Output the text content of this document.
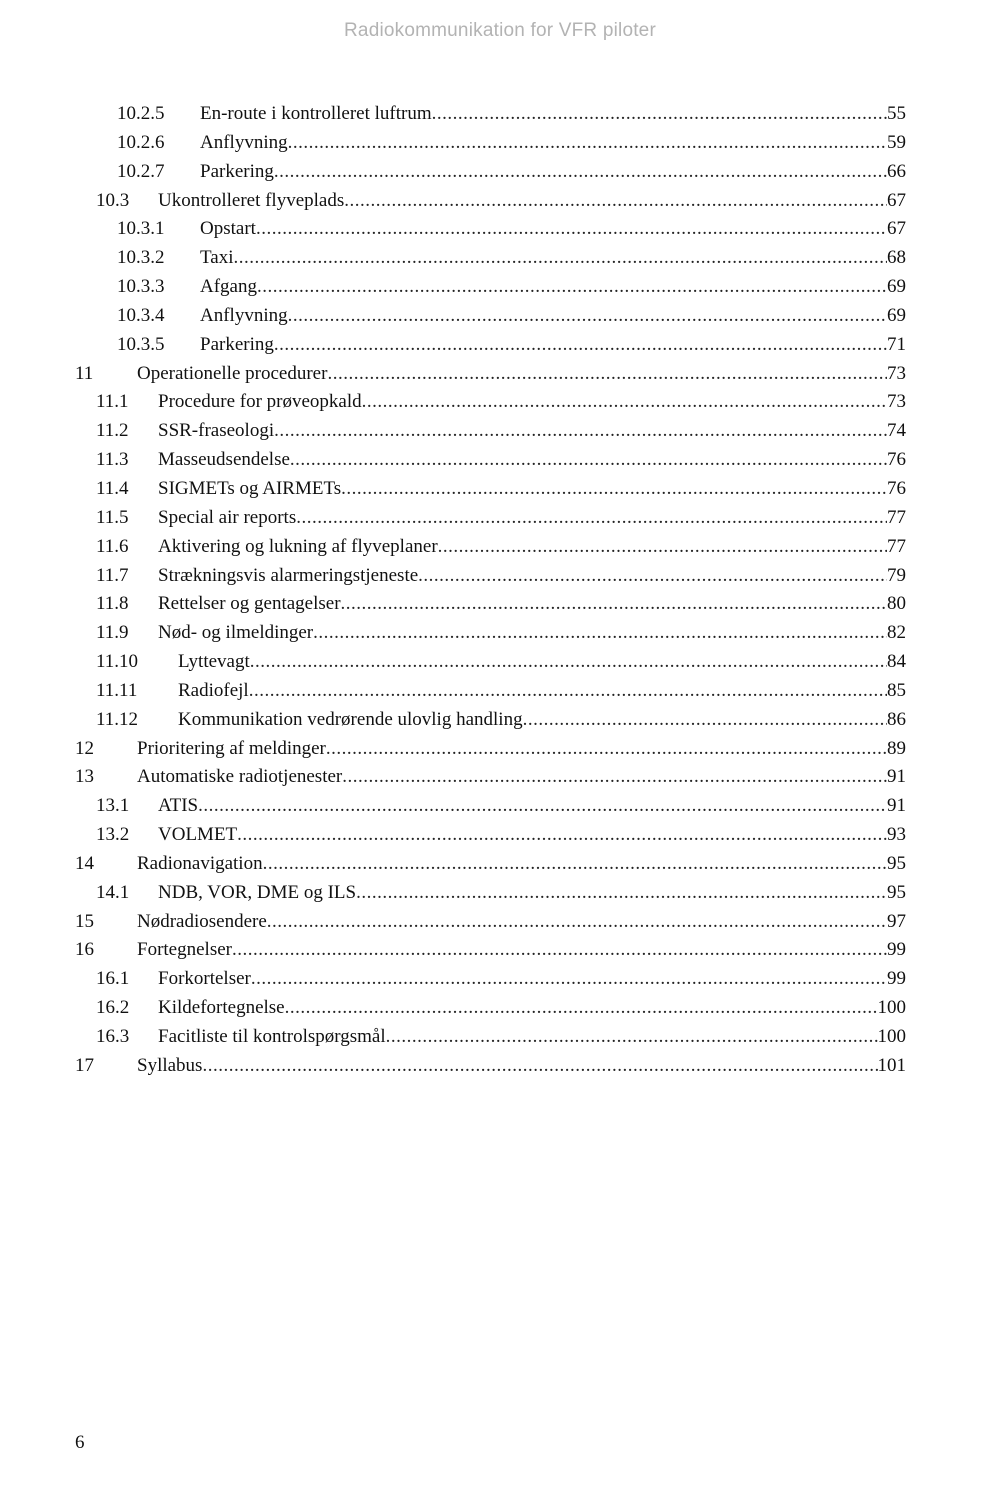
Radiokommunikation for VFR piloter
10.2.5 En-route i kontrolleret luftrum .....	55
10.2.6 Anflyvning .....	59
10.2.7 Parkering .....	66
10.3 Ukontrolleret flyveplads .....	67
10.3.1 Opstart .....	67
10.3.2 Taxi .....	68
10.3.3 Afgang .....	69
10.3.4 Anflyvning .....	69
10.3.5 Parkering .....	71
11 Operationelle procedurer .....	73
11.1 Procedure for prøveopkald .....	73
11.2 SSR-fraseologi .....	74
11.3 Masseudsendelse .....	76
11.4 SIGMETs og AIRMETs .....	76
11.5 Special air reports .....	77
11.6 Aktivering og lukning af flyveplaner .....	77
11.7 Strækningsvis alarmeringstjeneste .....	79
11.8 Rettelser og gentagelser .....	80
11.9 Nød- og ilmeldinger .....	82
11.10 Lyttevagt .....	84
11.11 Radiofejl .....	85
11.12 Kommunikation vedrørende ulovlig handling .....	86
12 Prioritering af meldinger .....	89
13 Automatiske radiotjenester .....	91
13.1 ATIS .....	91
13.2 VOLMET .....	93
14 Radionavigation .....	95
14.1 NDB, VOR, DME og ILS .....	95
15 Nødradiosendere .....	97
16 Fortegnelser .....	99
16.1 Forkortelser .....	99
16.2 Kildefortegnelse .....	100
16.3 Facitliste til kontrolspørgsmål .....	100
17 Syllabus .....	101
6
